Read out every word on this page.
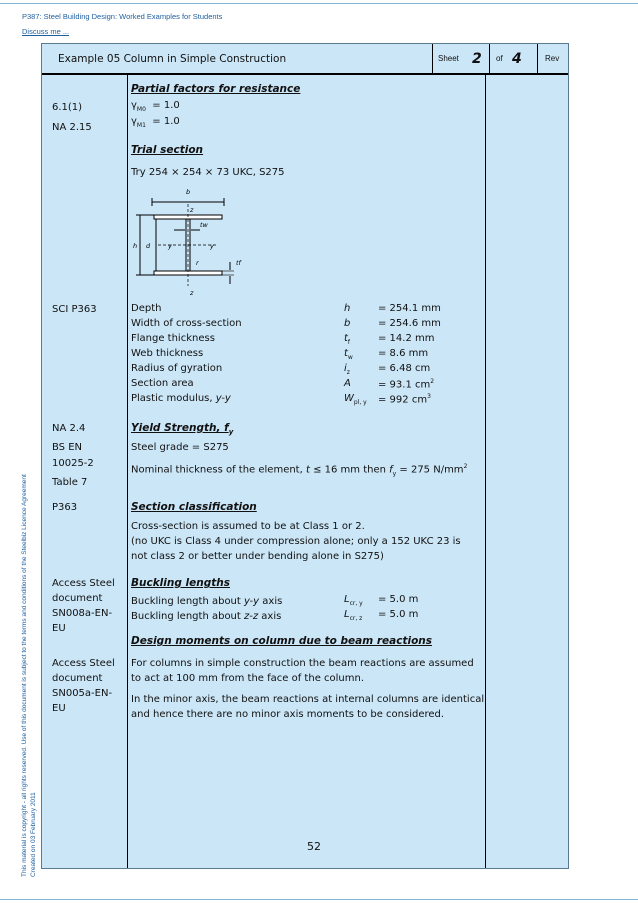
P387: Steel Building Design: Worked Examples for Students
Discuss me ...
Created on 03 February 2011
This material is copyright - all rights reserved. Use of this document is subject to the terms and conditions of the Steelbiz Licence Agreement
Example 05 Column in Simple Construction	Sheet 2 of 4	Rev
Partial factors for resistance
6.1(1)
NA 2.15
$\gamma_{M0} = 1.0$
$\gamma_{M1} = 1.0$
Trial section
Try 254 × 254 × 73 UKC, S275
b
z
tw
h d	y	y
r	tf
z
SCI P363	Depth	h	= 254.1 mm
Width of cross-section	b	= 254.6 mm
Flange thickness	$t_f$	= 14.2 mm
Web thickness	$t_w$	= 8.6 mm
Radius of gyration	$i_z$	= 6.48 cm
Section area	A	= 93.1 $cm^2$
Plastic modulus, y-y	$W_{pl, y} = 992$ $cm^3$
NA 2.4
BS EN
10025-2
Table 7
Yield Strength, $f_y$
Steel grade = S275
Nominal thickness of the element, t ≤ 16 mm then $f_y = 275$ $N/mm^2$
P363	Section classification
Cross-section is assumed to be at Class 1 or 2.
(no UKC is Class 4 under compression alone; only a 152 UKC 23 is
not class 2 or better under bending alone in S275)
Access Steel
document
SN008a-EN-
EU
Buckling lengths
Buckling length about y-y axis	$L_{cr, y} = 5.0$ m
Buckling length about z-z axis	$L_{cr, z} = 5.0$ m
Design moments on column due to beam reactions
Access Steel
document
SN005a-EN-
EU
For columns in simple construction the beam reactions are assumed
to act at 100 mm from the face of the column.
In the minor axis, the beam reactions at internal columns are identical
and hence there are no minor axis moments to be considered.
52
